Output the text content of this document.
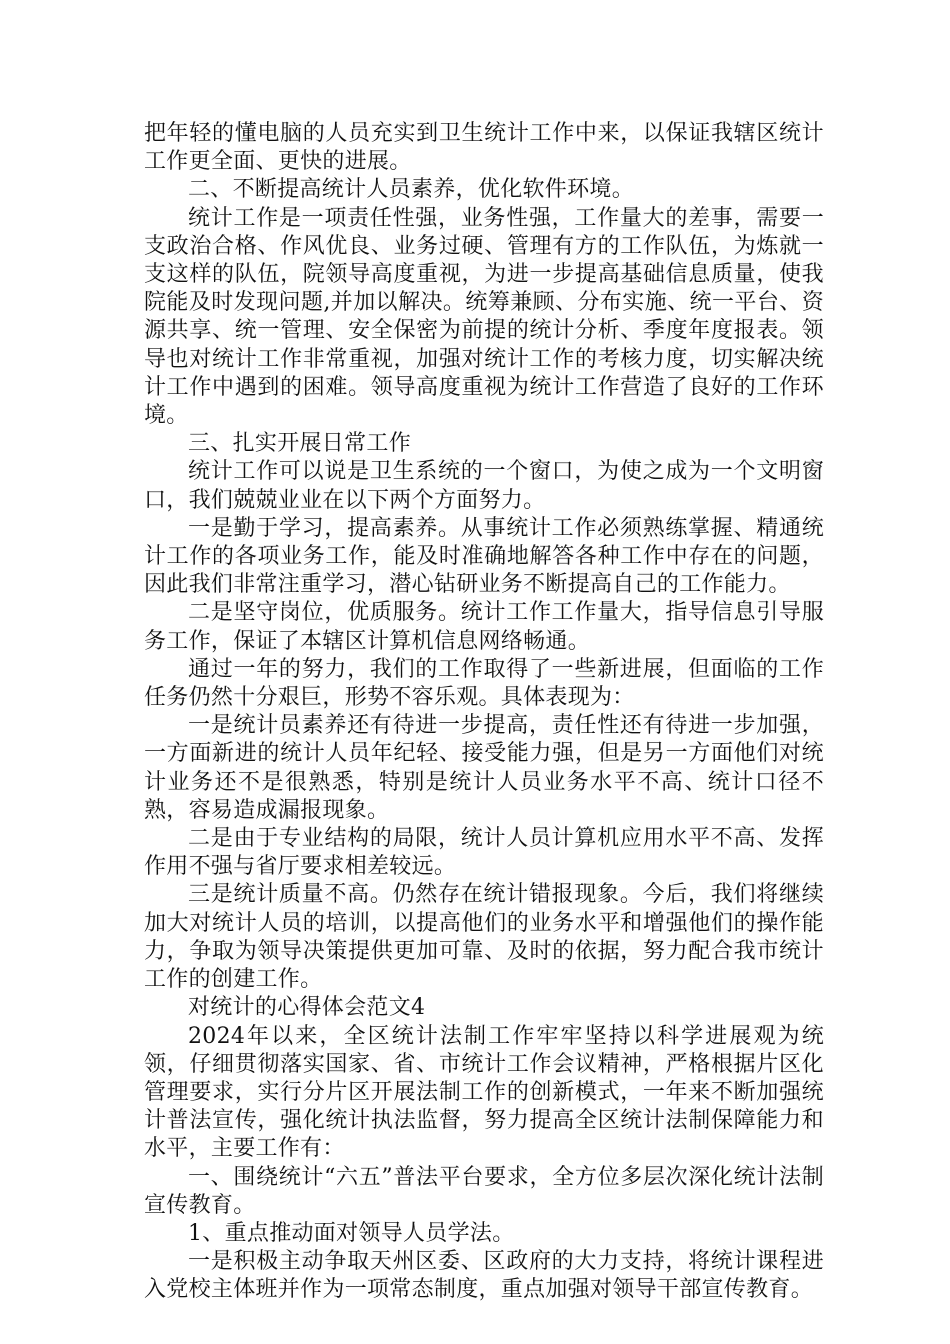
把年轻的懂电脑的人员充实到卫生统计工作中来，以保证我辖区统计工作更全面、更快的进展。

二、不断提高统计人员素养，优化软件环境。

统计工作是一项责任性强，业务性强，工作量大的差事，需要一支政治合格、作风优良、业务过硬、管理有方的工作队伍，为炼就一支这样的队伍，院领导高度重视，为进一步提高基础信息质量，使我院能及时发现问题,并加以解决。统筹兼顾、分布实施、统一平台、资源共享、统一管理、安全保密为前提的统计分析、季度年度报表。领导也对统计工作非常重视，加强对统计工作的考核力度，切实解决统计工作中遇到的困难。领导高度重视为统计工作营造了良好的工作环境。

三、扎实开展日常工作

统计工作可以说是卫生系统的一个窗口，为使之成为一个文明窗口，我们兢兢业业在以下两个方面努力。

一是勤于学习，提高素养。从事统计工作必须熟练掌握、精通统计工作的各项业务工作，能及时准确地解答各种工作中存在的问题，因此我们非常注重学习，潜心钻研业务不断提高自己的工作能力。

二是坚守岗位，优质服务。统计工作工作量大，指导信息引导服务工作，保证了本辖区计算机信息网络畅通。

通过一年的努力，我们的工作取得了一些新进展，但面临的工作任务仍然十分艰巨，形势不容乐观。具体表现为：

一是统计员素养还有待进一步提高，责任性还有待进一步加强，一方面新进的统计人员年纪轻、接受能力强，但是另一方面他们对统计业务还不是很熟悉，特别是统计人员业务水平不高、统计口径不熟，容易造成漏报现象。

二是由于专业结构的局限，统计人员计算机应用水平不高、发挥作用不强与省厅要求相差较远。

三是统计质量不高。仍然存在统计错报现象。今后，我们将继续加大对统计人员的培训，以提高他们的业务水平和增强他们的操作能力，争取为领导决策提供更加可靠、及时的依据，努力配合我市统计工作的创建工作。

对统计的心得体会范文4

2024年以来，全区统计法制工作牢牢坚持以科学进展观为统领，仔细贯彻落实国家、省、市统计工作会议精神，严格根据片区化管理要求，实行分片区开展法制工作的创新模式，一年来不断加强统计普法宣传，强化统计执法监督，努力提高全区统计法制保障能力和水平，主要工作有：

一、围绕统计“六五”普法平台要求，全方位多层次深化统计法制宣传教育。

1、重点推动面对领导人员学法。

一是积极主动争取天州区委、区政府的大力支持，将统计课程进入党校主体班并作为一项常态制度，重点加强对领导干部宣传教育。
